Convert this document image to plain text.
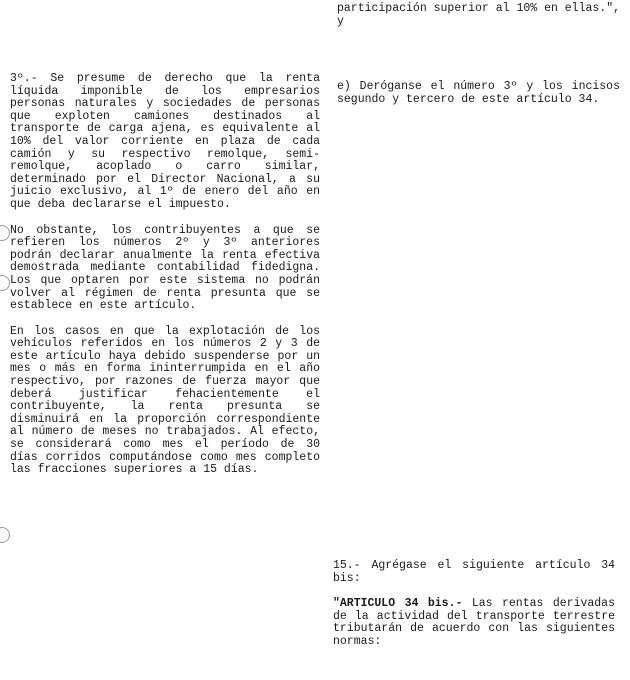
participación superior al 10% en ellas.", y

3º.- Se presume de derecho que la renta líquida imponible de los empresarios personas naturales y sociedades de personas que exploten camiones destinados al transporte de carga ajena, es equivalente al 10% del valor corriente en plaza de cada camión y su respectivo remolque, semi-remolque, acoplado o carro similar, determinado por el Director Nacional, a su juicio exclusivo, al 1º de enero del año en que deba declararse el impuesto.

No obstante, los contribuyentes a que se refieren los números 2º y 3º anteriores podrán declarar anualmente la renta efectiva demostrada mediante contabilidad fidedigna. Los que optaren por este sistema no podrán volver al régimen de renta presunta que se establece en este artículo.

En los casos en que la explotación de los vehículos referidos en los números 2 y 3 de este artículo haya debido suspenderse por un mes o más en forma ininterrumpida en el año respectivo, por razones de fuerza mayor que deberá justificar fehacientemente el contribuyente, la renta presunta se disminuirá en la proporción correspondiente al número de meses no trabajados. Al efecto, se considerará como mes el período de 30 días corridos computándose como mes completo las fracciones superiores a 15 días.

e) Deróganse el número 3º y los incisos segundo y tercero de este artículo 34.

15.- Agrégase el siguiente artículo 34 bis:

"ARTICULO 34 bis.- Las rentas derivadas de la actividad del transporte terrestre tributarán de acuerdo con las siguientes normas:
